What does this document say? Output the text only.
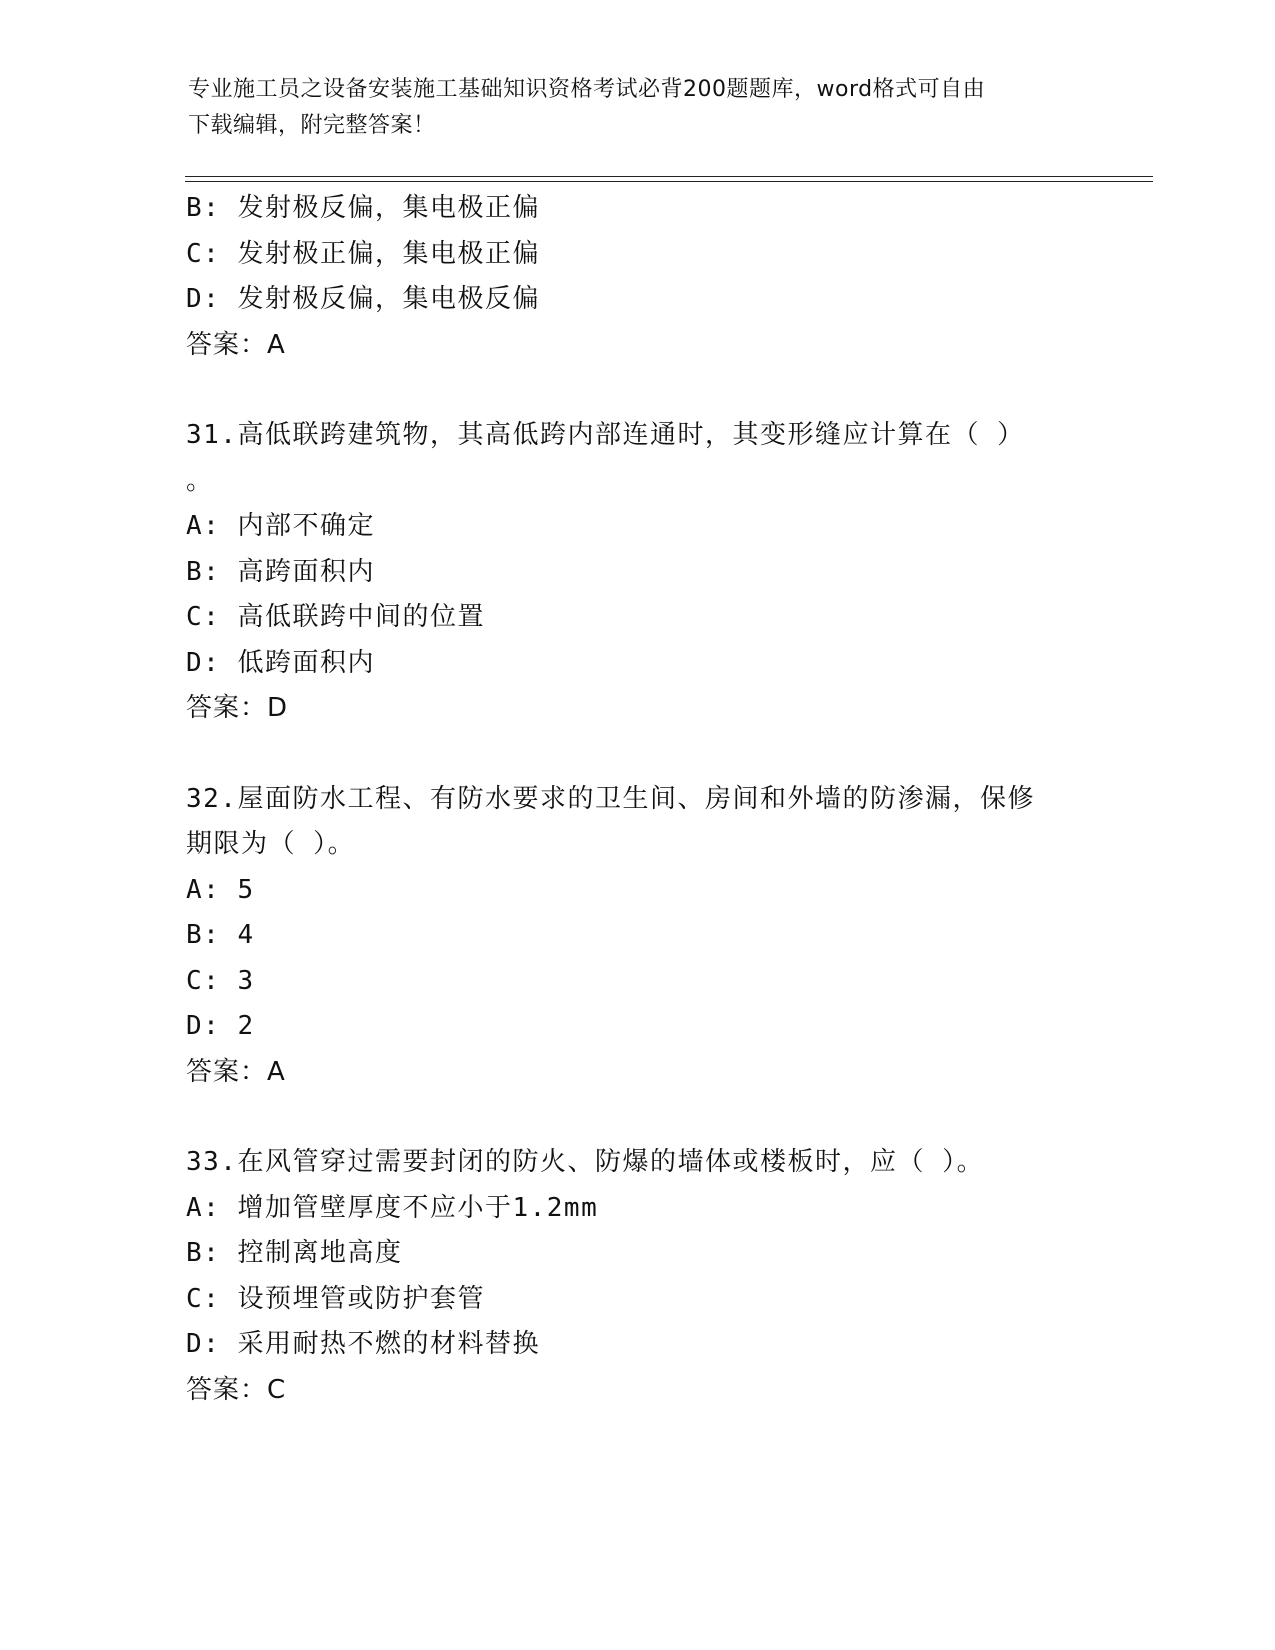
专业施工员之设备安装施工基础知识资格考试必背200题题库，word格式可自由
下载编辑，附完整答案！
B: 发射极反偏，集电极正偏
C: 发射极正偏，集电极正偏
D: 发射极反偏，集电极反偏
答案：A
31.高低联跨建筑物，其高低跨内部连通时，其变形缝应计算在（ ）
。
A: 内部不确定
B: 高跨面积内
C: 高低联跨中间的位置
D: 低跨面积内
答案：D
32.屋面防水工程、有防水要求的卫生间、房间和外墙的防渗漏，保修
期限为（ ）。
A: 5
B: 4
C: 3
D: 2
答案：A
33.在风管穿过需要封闭的防火、防爆的墙体或楼板时，应（ ）。
A: 增加管壁厚度不应小于1.2mm
B: 控制离地高度
C: 设预埋管或防护套管
D: 采用耐热不燃的材料替换
答案：C
